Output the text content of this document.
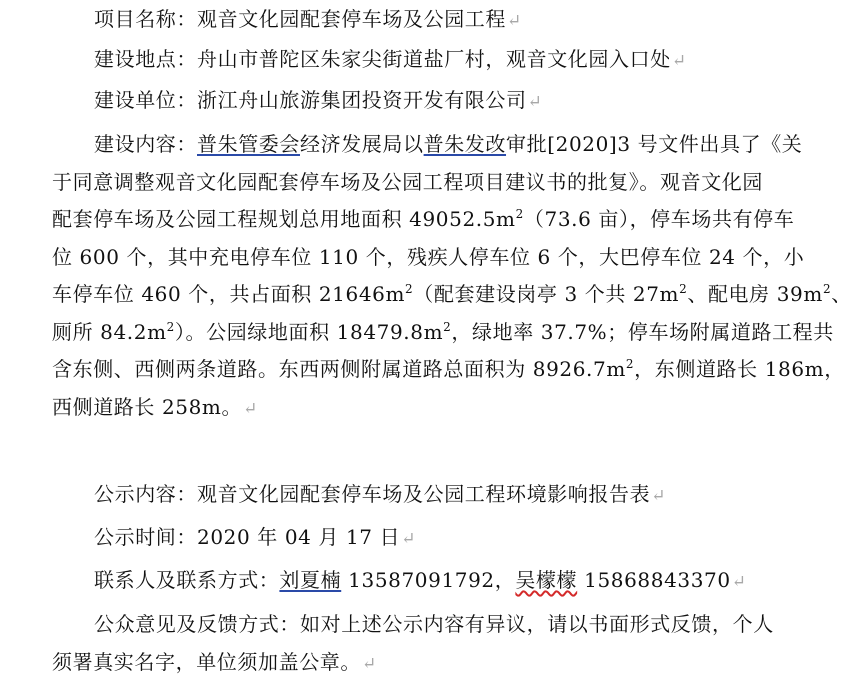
项目名称：观音文化园配套停车场及公园工程↵
建设地点：舟山市普陀区朱家尖街道盐厂村，观音文化园入口处↵
建设单位：浙江舟山旅游集团投资开发有限公司↵
建设内容：普朱管委会经济发展局以普朱发改审批[2020]3 号文件出具了《关
于同意调整观音文化园配套停车场及公园工程项目建议书的批复》。观音文化园
配套停车场及公园工程规划总用地面积 $49052.5m^2(73.6$ 亩），停车场共有停车
位 600 个，其中充电停车位 110 个，残疾人停车位 6 个，大巴停车位 24 个，小
车停车位 460 个，共占面积 $21646m^2$（配套建设岗亭 3 个共 $27m^2$、配电房 $39m^2$、
厕所 $84.2m^2$）。公园绿地面积 $18479.8m^2$，绿地率 37.7%；停车场附属道路工程共
含东侧、西侧两条道路。东西两侧附属道路总面积为 $8926.7m^2$，东侧道路长 186m，
西侧道路长 258m。↵
公示内容：观音文化园配套停车场及公园工程环境影响报告表↵
公示时间：2020 年 04 月 17 日↵
联系人及联系方式：刘夏楠 13587091792，吴檬檬 15868843370↵
公众意见及反馈方式：如对上述公示内容有异议，请以书面形式反馈，个人
须署真实名字，单位须加盖公章。↵
